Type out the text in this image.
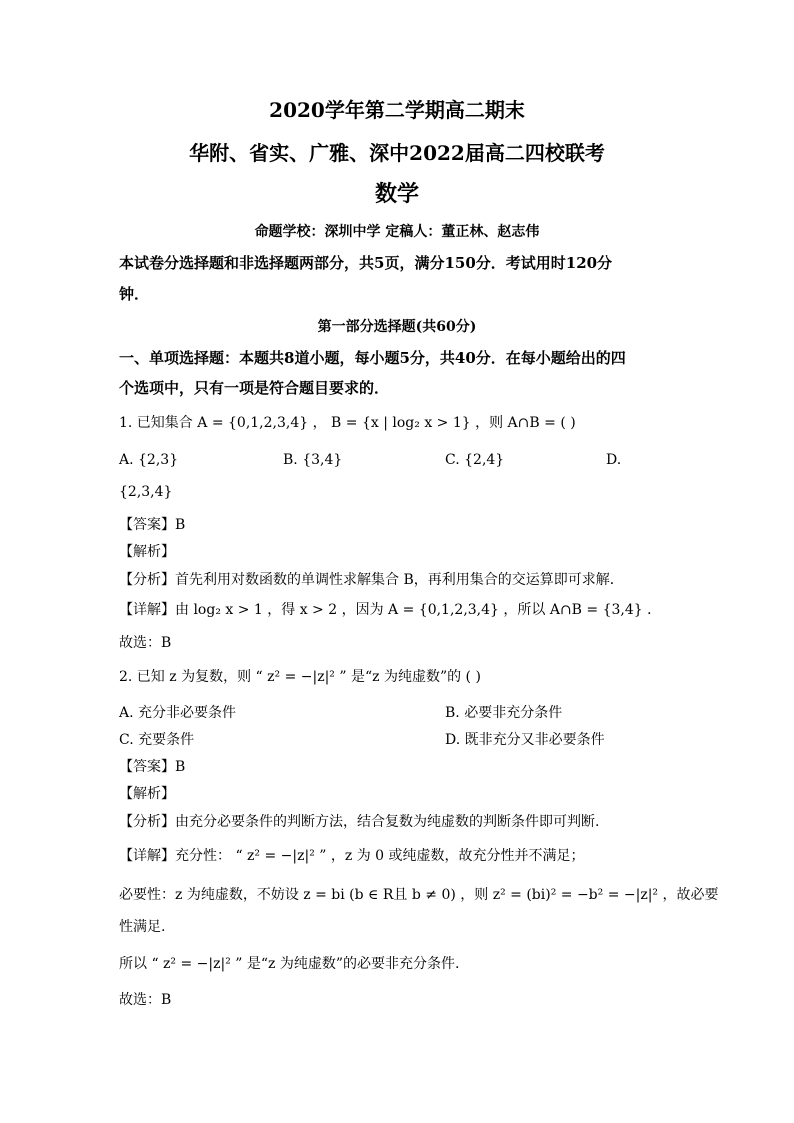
2020学年第二学期高二期末
华附、省实、广雅、深中2022届高二四校联考
数学
命题学校：深圳中学 定稿人：董正林、赵志伟
本试卷分选择题和非选择题两部分，共5页，满分150分．考试用时120分
钟．
第一部分选择题(共60分)
一、单项选择题：本题共8道小题，每小题5分，共40分．在每小题给出的四
个选项中，只有一项是符合题目要求的．
1. 已知集合 A = {0,1,2,3,4} ， B = {x | log₂ x > 1} ，则 A∩B = ( )
A. {2,3}	B. {3,4}	C. {2,4}	D.
{2,3,4}
【答案】B
【解析】
【分析】首先利用对数函数的单调性求解集合 B，再利用集合的交运算即可求解．
【详解】由 log₂ x > 1 ，得 x > 2 ，因为 A = {0,1,2,3,4} ，所以 A∩B = {3,4} ．
故选：B
2. 已知 z 为复数，则 “ z² = −|z|² ” 是“z 为纯虚数”的 ( )
A. 充分非必要条件	B. 必要非充分条件
C. 充要条件	D. 既非充分又非必要条件
【答案】B
【解析】
【分析】由充分必要条件的判断方法，结合复数为纯虚数的判断条件即可判断.
【详解】充分性： “ z² = −|z|² ” ，z 为 0 或纯虚数，故充分性并不满足；
必要性：z 为纯虚数，不妨设 z = bi (b ∈ R且 b ≠ 0) ，则 z² = (bi)² = −b² = −|z|² ，故必要
性满足.
所以 “ z² = −|z|² ” 是“z 为纯虚数”的必要非充分条件.
故选：B
